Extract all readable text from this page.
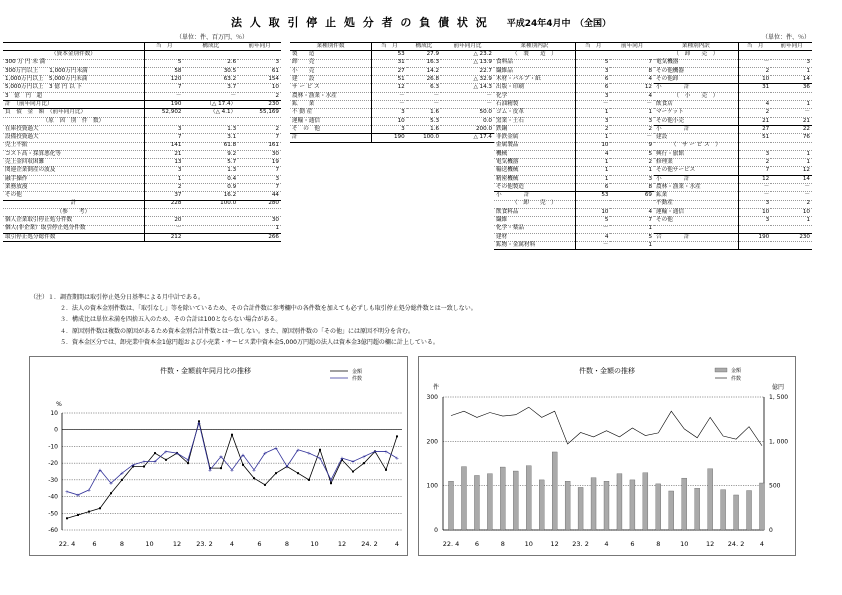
法 人 取 引 停 止 処 分 者 の 負 債 状 況 平成24年4月中　（全国）
（単位：件、百万円、％）	（単位：件、％）
	当　月	構成比	前年同月
（資本金別件数）			
300 万 円 未 満	5	2.6	3
300万円以上　　1,000万円未満	58	30.5	61
1,000万円以上　5,000万円未満	120	63.2	154
5,000万円以上　3 億 円 以 下	7	3.7	10
3　億　円　超	－	－	2
計　（前年同月比）	190	（△ 17.4）	230
負　債　金　額　（前年同月比）	52,902	（△ 4.1）	55,169
（原　因　別　件　数）			
在庫投資過大	3	1.3	2
設備投資過大	7	3.1	7
売上不振	141	61.8	161
コスト高・採算悪化等	21	9.2	30
売上金回収困難	13	5.7	19
関連企業倒産の波及	3	1.3	7
融手操作	1	0.4	3
業務放漫	2	0.9	7
その他	37	16.2	44
計	228	100.0	280
（参　　考）			
個人企業取引停止処分件数	20		30
個人(非企業）取引停止処分件数	－		1
取引停止処分総件数	212		266
業種別件数	当　月	構成比	前年同月比
製　　造	53	27.9	△ 23.2
卸　　売	31	16.3	△ 13.9
小　　売	27	14.2	22.7
建　　設	51	26.8	△ 32.9
サ ー ビ ス	12	6.3	△ 14.3
農林・漁業・水産	－	－	－
鉱　　業	－	－	－
不 動 産	3	1.6	50.0
運輸・通信	10	5.3	0.0
そ　の　他	3	1.6	200.0
計	190	100.0	△ 17.4
業種別内訳	当　月	前年同月
（　製　　造　）		
食料品	5	7
繊維品	3	8
木材・パルプ・紙	6	4
出版・印刷	6	12
化学	3	4
石油精製	－	－
ゴム・皮革	1	1
窯業・土石	3	3
鉄鋼	2	2
非鉄金属	1	－
金属製品	10	9
機械	4	5
電気機器	1	2
輸送機械	1	1
精密機械	1	3
その他製造	6	8
小　　　　計	53	69
（　卸　　売　）		
飲食料品	10	4
繊維	5	7
化学・薬品	－	1
建材	4	5
鉱物・金属材料	－	1
業種別内訳	当　月	前年同月
（　卸　　売　）		
電気機器	－	3
その他機器	2	1
その他卸	10	14
小　　　　計	31	36
（　小　　売　）		
飲食店	4	1
マーケット	2	－
その他小売	21	21
小　　　　計	27	22
建設	51	76
（　サ ー ビ ス　）		
興行・旅館	3	1
修理業	2	1
その他サービス	7	12
小　　　　計	12	14
農林・漁業・水産	－	－
鉱業	－	－
不動産	3	2
運輸・通信	10	10
その他	3	1

合　　　　計	190	230

（注）１．調査期間は取引停止処分日基準による月中計である。
２．法人の資本金別件数は、「取引なし」等を除いているため、その合計件数に参考欄中の各件数を加えても必ずしも取引停止処分総件数とは一致しない。
３．構成比は単位未満を四捨五入のため、その合計は100とならない場合がある。
４．原因別件数は複数の原因があるため資本金別合計件数とは一致しない。また、原因別件数の「その他」には原因不明分を含む。
５．資本金区分では、卸売業中資本金1億円超および小売業・サービス業中資本金5,000万円超の法人は資本金3億円超の欄に計上している。
件数・金額前年同月比の推移
10
0
-10
-20
-30
-40
-50
-60
%
22. 4	6	8	10	12 23. 2	4	6	8	10	12 24. 2	4
+
+
+
+
+
+
+
+ +
+ +
+
+
+
+
+
+
+
+
+
+
+
+
+
+
+
+
+
+ +
+
金額
件数
件数・金額の推移
300
200
100
0
1, 500
1, 000
500
0
件	億円
22. 4 6	8	10	12 23. 2 4	6	8	10	12 24. 2 4
金額
件数
